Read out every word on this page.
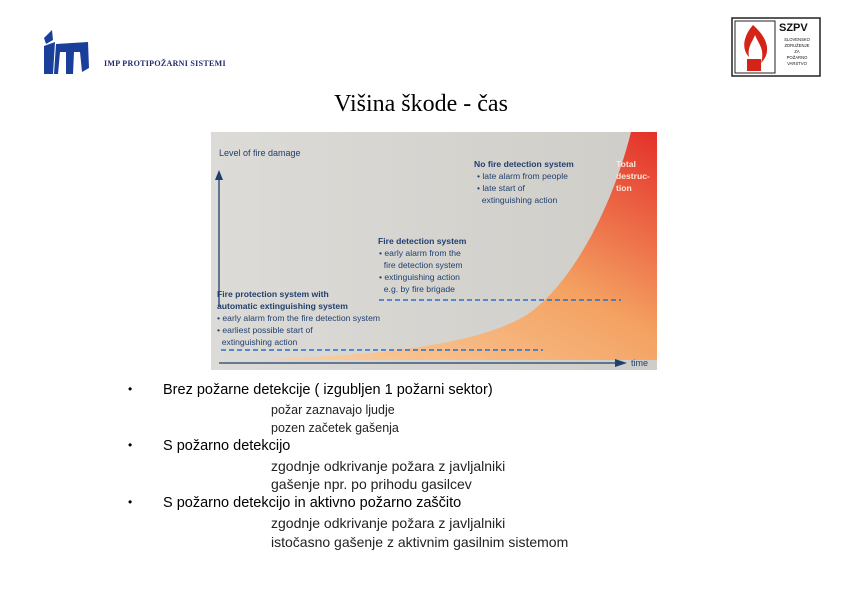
IMP PROTIPOŽARNI SISTEMI
SZPV
SLOVENSKO
ZDRUŽENJE
ZA
POŽARNO
VARSTVO
Višina škode - čas
Level of fire damage
time
No fire detection system
• late alarm from people
• late start of
extinguishing action
Total
destruc-
tion
Fire detection system
• early alarm from the
fire detection system
• extinguishing action
e.g. by fire brigade
Fire protection system with
automatic extinguishing system
• early alarm from the fire detection system
• earliest possible start of
extinguishing action
• Brez požarne detekcije ( izgubljen 1 požarni sektor)
požar zaznavajo ljudje
pozen začetek gašenja
• S požarno detekcijo
zgodnje odkrivanje požara z javljalniki
gašenje npr. po prihodu gasilcev
• S požarno detekcijo in aktivno požarno zaščito
zgodnje odkrivanje požara z javljalniki
istočasno gašenje z aktivnim gasilnim sistemom
